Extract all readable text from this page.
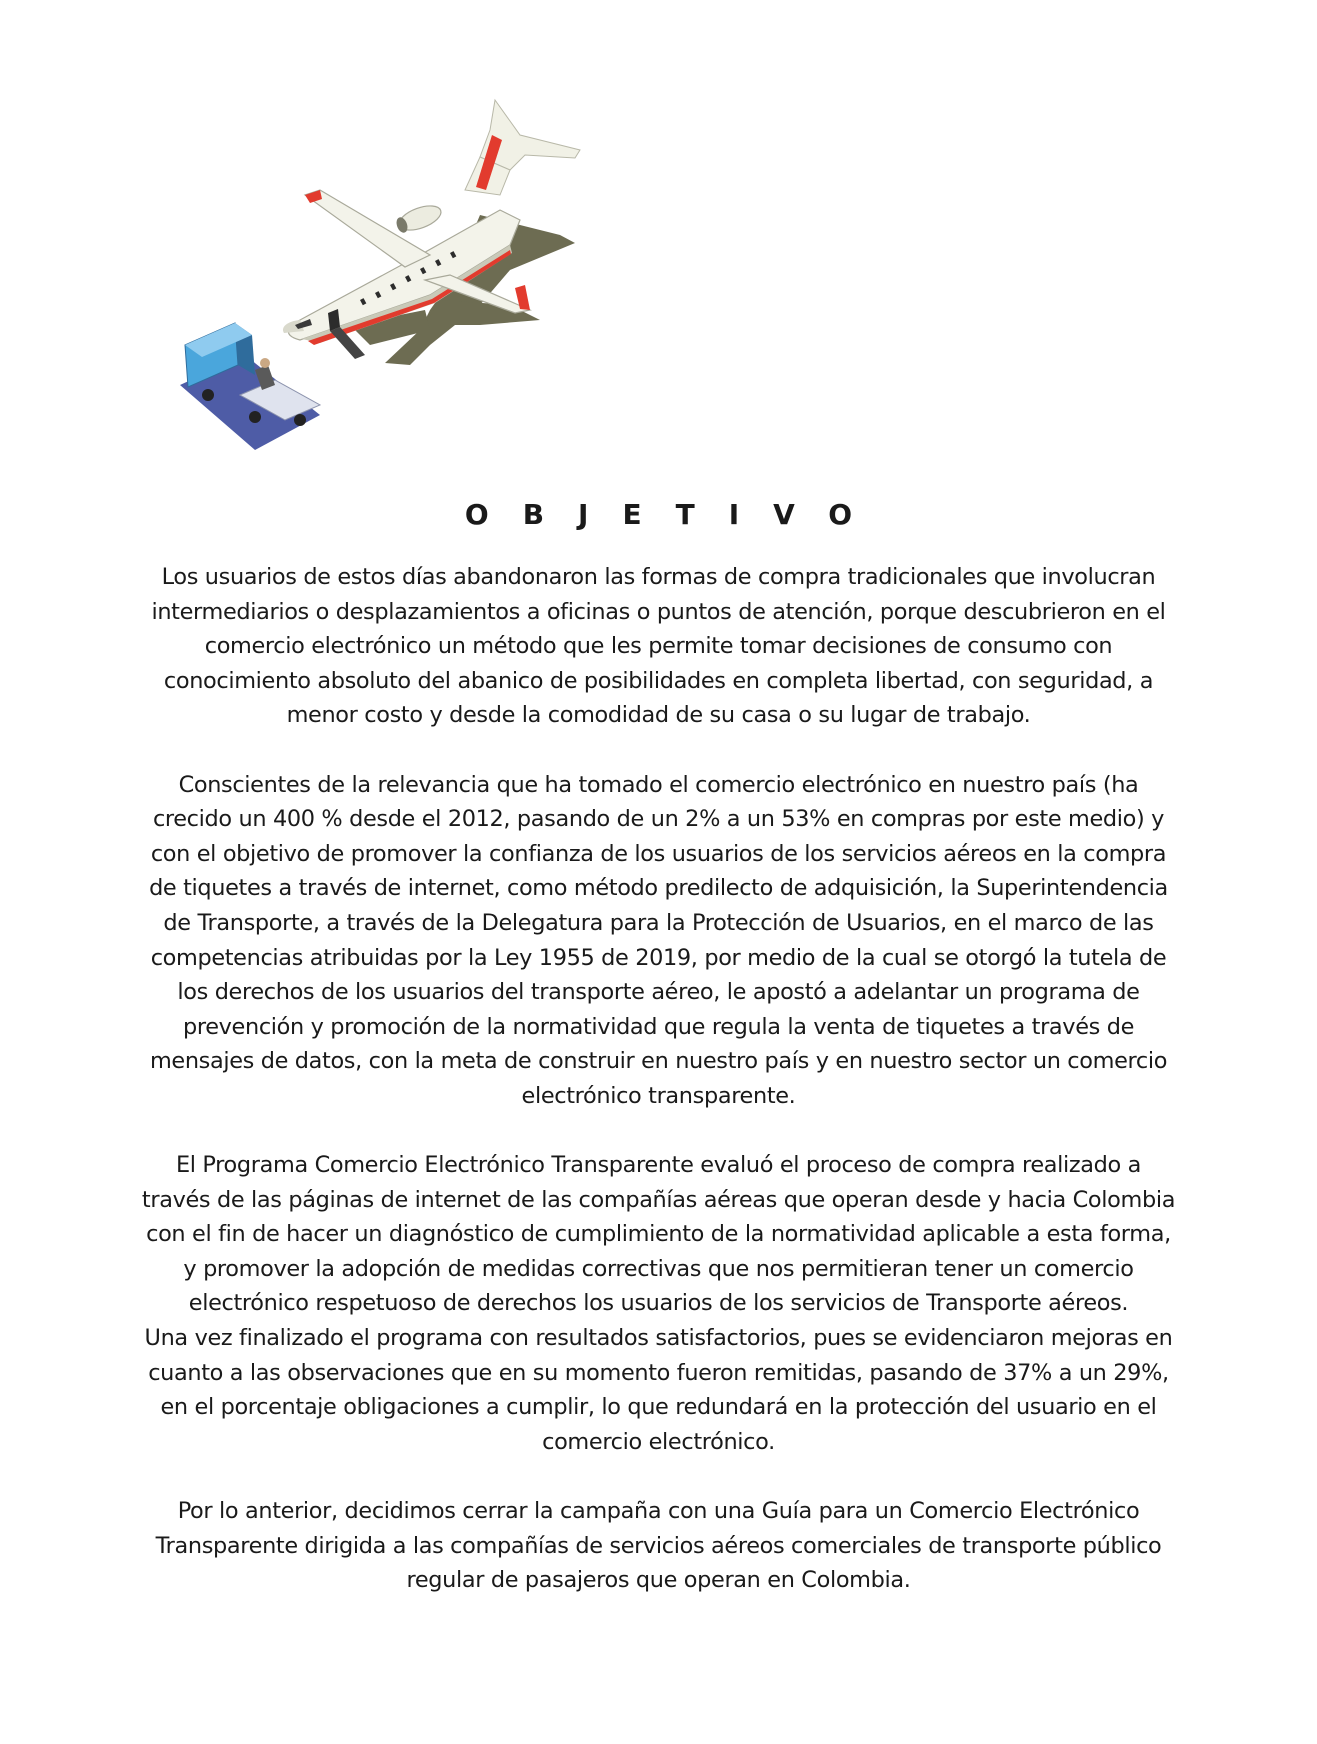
OBJETIVO

Los usuarios de estos días abandonaron las formas de compra tradicionales que involucran
intermediarios o desplazamientos a oficinas o puntos de atención, porque descubrieron en el
comercio electrónico un método que les permite tomar decisiones de consumo con
conocimiento absoluto del abanico de posibilidades en completa libertad, con seguridad, a
menor costo y desde la comodidad de su casa o su lugar de trabajo.

Conscientes de la relevancia que ha tomado el comercio electrónico en nuestro país (ha
crecido un 400 % desde el 2012, pasando de un 2% a un 53% en compras por este medio) y
con el objetivo de promover la confianza de los usuarios de los servicios aéreos en la compra
de tiquetes a través de internet, como método predilecto de adquisición, la Superintendencia
de Transporte, a través de la Delegatura para la Protección de Usuarios, en el marco de las
competencias atribuidas por la Ley 1955 de 2019, por medio de la cual se otorgó la tutela de
los derechos de los usuarios del transporte aéreo, le apostó a adelantar un programa de
prevención y promoción de la normatividad que regula la venta de tiquetes a través de
mensajes de datos, con la meta de construir en nuestro país y en nuestro sector un comercio
electrónico transparente.

El Programa Comercio Electrónico Transparente evaluó el proceso de compra realizado a
través de las páginas de internet de las compañías aéreas que operan desde y hacia Colombia
con el fin de hacer un diagnóstico de cumplimiento de la normatividad aplicable a esta forma,
y promover la adopción de medidas correctivas que nos permitieran tener un comercio
electrónico respetuoso de derechos los usuarios de los servicios de Transporte aéreos.
Una vez finalizado el programa con resultados satisfactorios, pues se evidenciaron mejoras en
cuanto a las observaciones que en su momento fueron remitidas, pasando de 37% a un 29%,
en el porcentaje obligaciones a cumplir, lo que redundará en la protección del usuario en el
comercio electrónico.

Por lo anterior, decidimos cerrar la campaña con una Guía para un Comercio Electrónico
Transparente dirigida a las compañías de servicios aéreos comerciales de transporte público
regular de pasajeros que operan en Colombia.
